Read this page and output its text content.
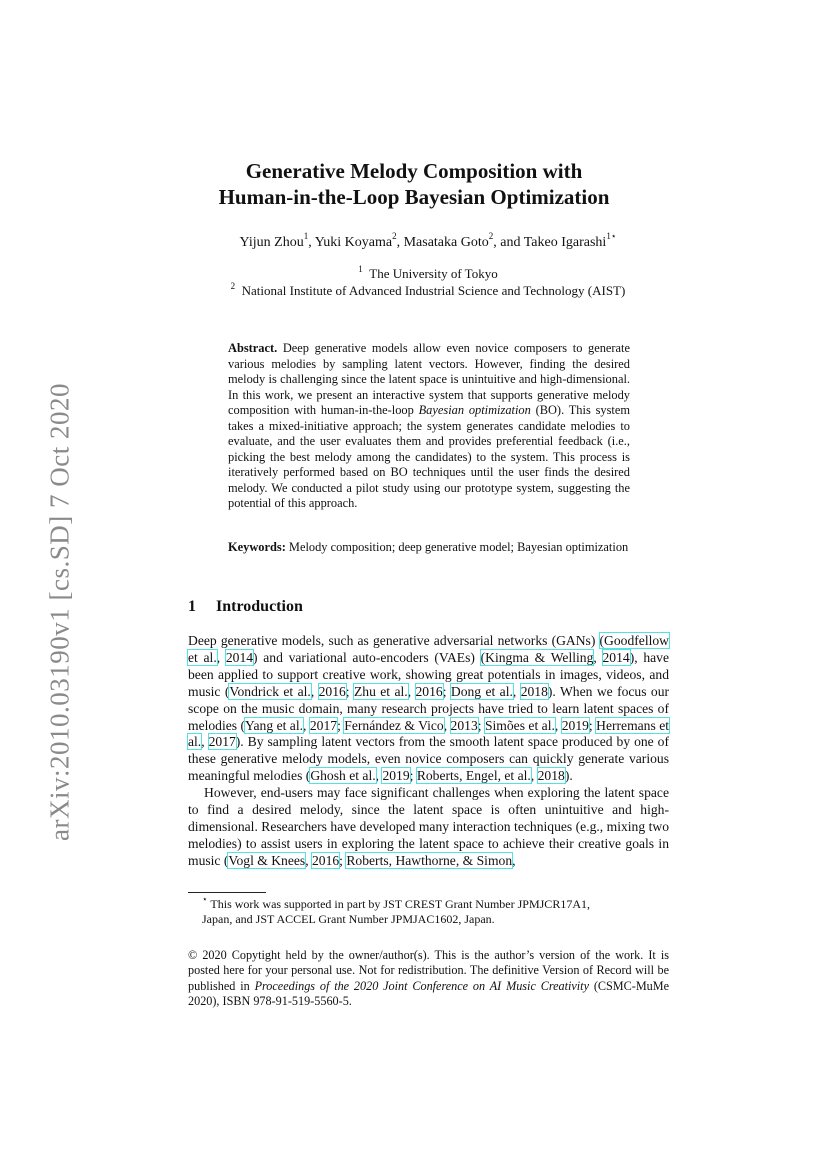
arXiv:2010.03190v1 [cs.SD] 7 Oct 2020
Generative Melody Composition with
Human-in-the-Loop Bayesian Optimization
Yijun Zhou$^1$, Yuki Koyama$^2$, Masataka Goto$^2$, and Takeo Igarashi$^{1⋆}$
$^1$ The University of Tokyo
$^2$ National Institute of Advanced Industrial Science and Technology (AIST)

Abstract. Deep generative models allow even novice composers to generate various melodies by sampling latent vectors. However, finding the desired melody is challenging since the latent space is unintuitive and high-dimensional. In this work, we present an interactive system that supports generative melody composition with human-in-the-loop Bayesian optimization (BO). This system takes a mixed-initiative approach; the system generates candidate melodies to evaluate, and the user evaluates them and provides preferential feedback (i.e., picking the best melody among the candidates) to the system. This process is iteratively performed based on BO techniques until the user finds the desired melody. We conducted a pilot study using our prototype system, suggesting the potential of this approach.

Keywords: Melody composition; deep generative model; Bayesian optimization
1 Introduction

Deep generative models, such as generative adversarial networks (GANs) (Goodfellow et al., 2014) and variational auto-encoders (VAEs) (Kingma & Welling, 2014), have been applied to support creative work, showing great potentials in images, videos, and music (Vondrick et al., 2016; Zhu et al., 2016; Dong et al., 2018). When we focus our scope on the music domain, many research projects have tried to learn latent spaces of melodies (Yang et al., 2017; Fernández & Vico, 2013; Simões et al., 2019; Herremans et al., 2017). By sampling latent vectors from the smooth latent space produced by one of these generative melody models, even novice composers can quickly generate various meaningful melodies (Ghosh et al., 2019; Roberts, Engel, et al., 2018).

However, end-users may face significant challenges when exploring the latent space to find a desired melody, since the latent space is often unintuitive and high-dimensional. Researchers have developed many interaction techniques (e.g., mixing two melodies) to assist users in exploring the latent space to achieve their creative goals in music (Vogl & Knees, 2016; Roberts, Hawthorne, & Simon,

⋆ This work was supported in part by JST CREST Grant Number JPMJCR17A1,
Japan, and JST ACCEL Grant Number JPMJAC1602, Japan.
© 2020 Copytight held by the owner/author(s). This is the author’s version of the work. It is posted here for your personal use. Not for redistribution. The definitive Version of Record will be published in Proceedings of the 2020 Joint Conference on AI Music Creativity (CSMC-MuMe 2020), ISBN 978-91-519-5560-5.
